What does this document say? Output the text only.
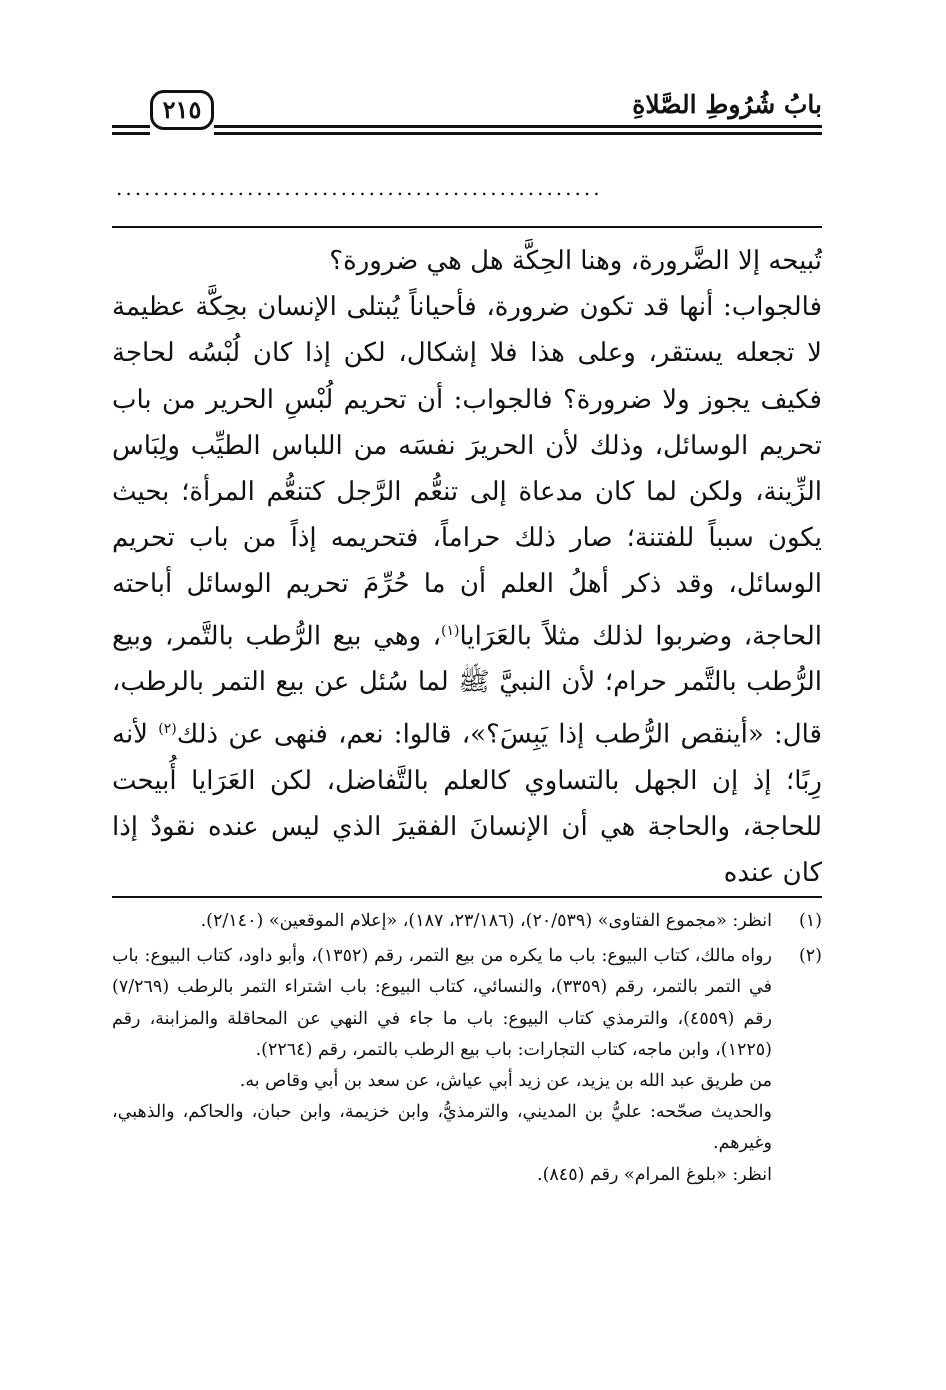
بابُ شُرُوطِ الصَّلاةِ
٢١٥
....................................................

تُبيحه إلا الضَّرورة، وهنا الحِكَّة هل هي ضرورة؟

فالجواب: أنها قد تكون ضرورة، فأحياناً يُبتلى الإنسان بحِكَّة عظيمة لا تجعله يستقر، وعلى هذا فلا إشكال، لكن إذا كان لُبْسُه لحاجة فكيف يجوز ولا ضرورة؟ فالجواب: أن تحريم لُبْسِ الحرير من باب تحريم الوسائل، وذلك لأن الحريرَ نفسَه من اللباس الطيِّب ولِبَاس الزِّينة، ولكن لما كان مدعاة إلى تنعُّم الرَّجل كتنعُّم المرأة؛ بحيث يكون سبباً للفتنة؛ صار ذلك حراماً، فتحريمه إذاً من باب تحريم الوسائل، وقد ذكر أهلُ العلم أن ما حُرِّمَ تحريم الوسائل أباحته الحاجة، وضربوا لذلك مثلاً بالعَرَايا$^{(١)}$، وهي بيع الرُّطب بالتَّمر، وبيع الرُّطب بالتَّمر حرام؛ لأن النبيَّ ﷺ لما سُئل عن بيع التمر بالرطب، قال: «أينقص الرُّطب إذا يَبِسَ؟»، قالوا: نعم، فنهى عن ذلك$^{(٢)}$ لأنه رِبًا؛ إذ إن الجهل بالتساوي كالعلم بالتَّفاضل، لكن العَرَايا أُبيحت للحاجة، والحاجة هي أن الإنسانَ الفقيرَ الذي ليس عنده نقودٌ إذا كان عنده

(١)

انظر: «مجموع الفتاوى» (٢٠/٥٣٩)، (٢٣/١٨٦، ١٨٧)، «إعلام الموقعين» (٢/١٤٠).

(٢)

رواه مالك، كتاب البيوع: باب ما يكره من بيع التمر، رقم (١٣٥٢)، وأبو داود، كتاب البيوع: باب في التمر بالتمر، رقم (٣٣٥٩)، والنسائي، كتاب البيوع: باب اشتراء التمر بالرطب (٧/٢٦٩) رقم (٤٥٥٩)، والترمذي كتاب البيوع: باب ما جاء في النهي عن المحاقلة والمزابنة، رقم (١٢٢٥)، وابن ماجه، كتاب التجارات: باب بيع الرطب بالتمر، رقم (٢٢٦٤).

من طريق عبد الله بن يزيد، عن زيد أبي عياش، عن سعد بن أبي وقاص به.

والحديث صحّحه: عليُّ بن المديني، والترمذيُّ، وابن خزيمة، وابن حبان، والحاكم، والذهبي، وغيرهم.

انظر: «بلوغ المرام» رقم (٨٤٥).
